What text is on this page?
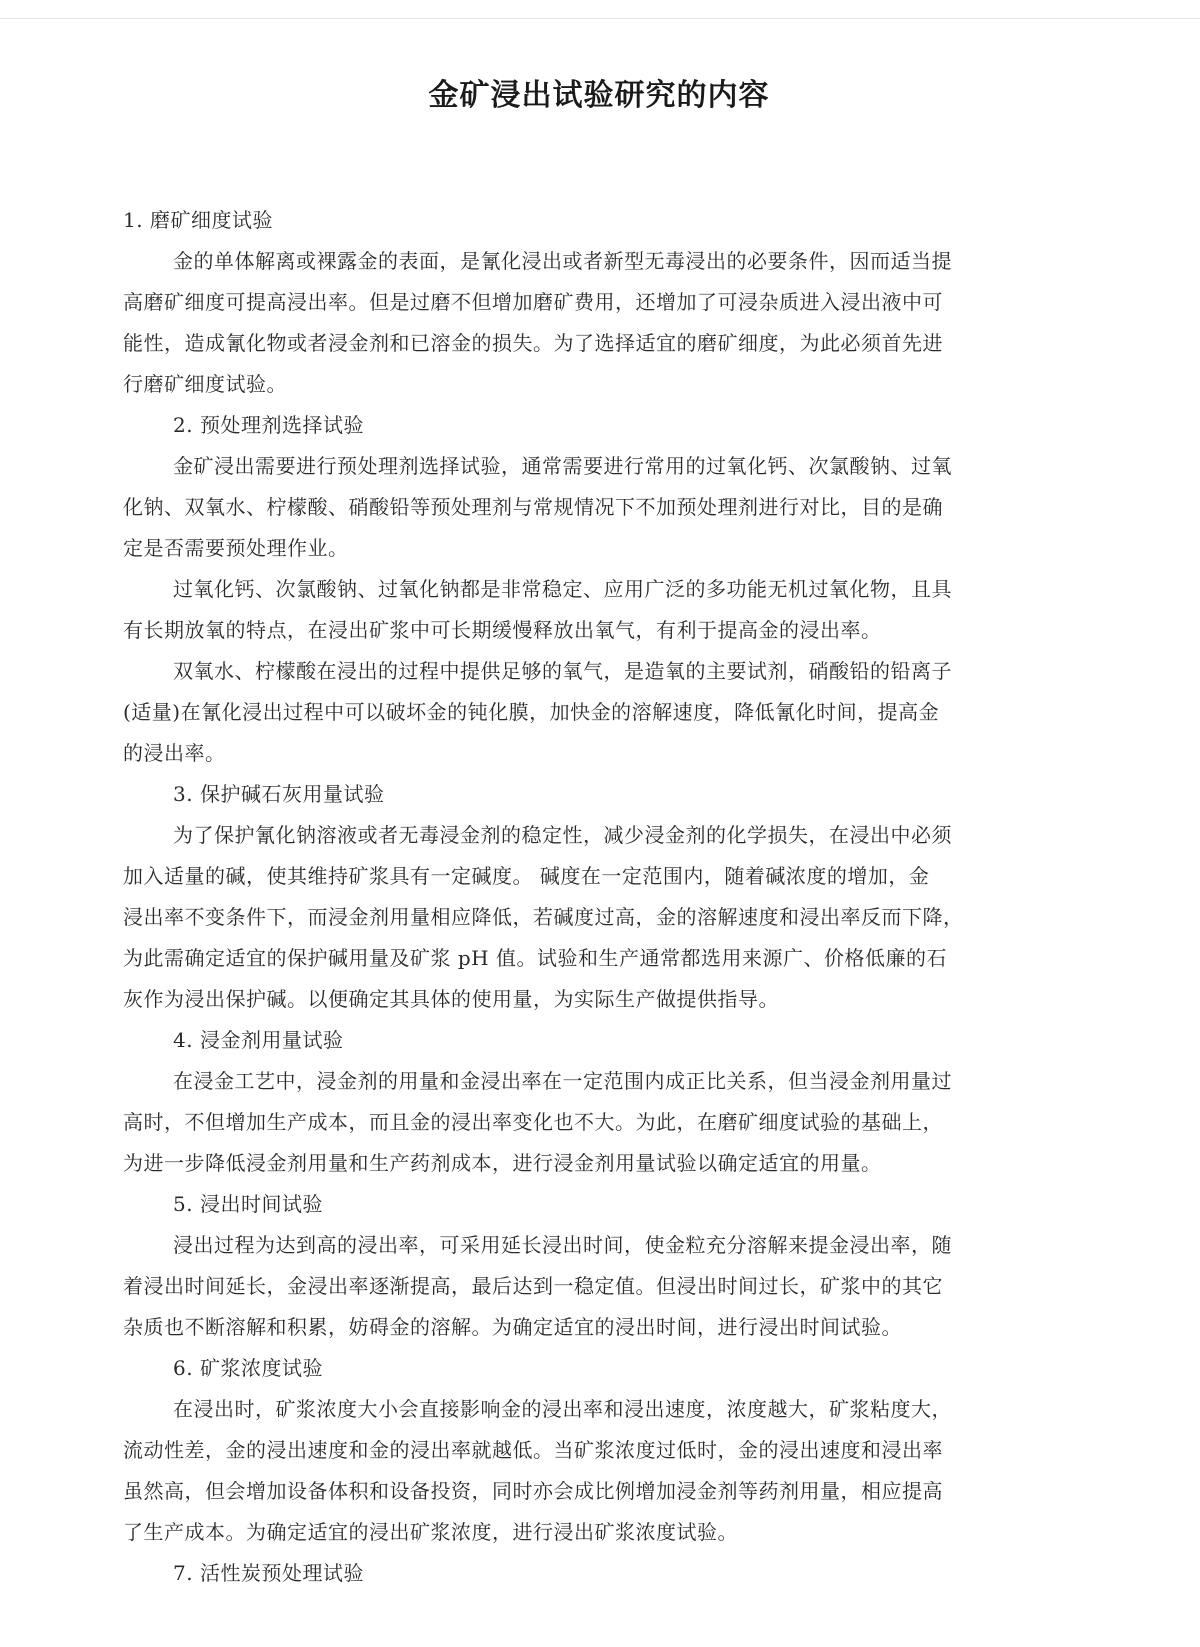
金矿浸出试验研究的内容
1. 磨矿细度试验
金的单体解离或裸露金的表面，是氰化浸出或者新型无毒浸出的必要条件，因而适当提
高磨矿细度可提高浸出率。但是过磨不但增加磨矿费用，还增加了可浸杂质进入浸出液中可
能性，造成氰化物或者浸金剂和已溶金的损失。为了选择适宜的磨矿细度，为此必须首先进
行磨矿细度试验。
2. 预处理剂选择试验
金矿浸出需要进行预处理剂选择试验，通常需要进行常用的过氧化钙、次氯酸钠、过氧
化钠、双氧水、柠檬酸、硝酸铅等预处理剂与常规情况下不加预处理剂进行对比，目的是确
定是否需要预处理作业。
过氧化钙、次氯酸钠、过氧化钠都是非常稳定、应用广泛的多功能无机过氧化物，且具
有长期放氧的特点，在浸出矿浆中可长期缓慢释放出氧气，有利于提高金的浸出率。
双氧水、柠檬酸在浸出的过程中提供足够的氧气，是造氧的主要试剂，硝酸铅的铅离子
(适量)在氰化浸出过程中可以破坏金的钝化膜，加快金的溶解速度，降低氰化时间，提高金
的浸出率。
3. 保护碱石灰用量试验
为了保护氰化钠溶液或者无毒浸金剂的稳定性，减少浸金剂的化学损失，在浸出中必须
加入适量的碱，使其维持矿浆具有一定碱度。 碱度在一定范围内，随着碱浓度的增加，金
浸出率不变条件下，而浸金剂用量相应降低，若碱度过高，金的溶解速度和浸出率反而下降，
为此需确定适宜的保护碱用量及矿浆 pH 值。试验和生产通常都选用来源广、价格低廉的石
灰作为浸出保护碱。以便确定其具体的使用量，为实际生产做提供指导。
4. 浸金剂用量试验
在浸金工艺中，浸金剂的用量和金浸出率在一定范围内成正比关系，但当浸金剂用量过
高时，不但增加生产成本，而且金的浸出率变化也不大。为此，在磨矿细度试验的基础上，
为进一步降低浸金剂用量和生产药剂成本，进行浸金剂用量试验以确定适宜的用量。
5. 浸出时间试验
浸出过程为达到高的浸出率，可采用延长浸出时间，使金粒充分溶解来提金浸出率，随
着浸出时间延长，金浸出率逐渐提高，最后达到一稳定值。但浸出时间过长，矿浆中的其它
杂质也不断溶解和积累，妨碍金的溶解。为确定适宜的浸出时间，进行浸出时间试验。
6. 矿浆浓度试验
在浸出时，矿浆浓度大小会直接影响金的浸出率和浸出速度，浓度越大，矿浆粘度大，
流动性差，金的浸出速度和金的浸出率就越低。当矿浆浓度过低时，金的浸出速度和浸出率
虽然高，但会增加设备体积和设备投资，同时亦会成比例增加浸金剂等药剂用量，相应提高
了生产成本。为确定适宜的浸出矿浆浓度，进行浸出矿浆浓度试验。
7. 活性炭预处理试验
